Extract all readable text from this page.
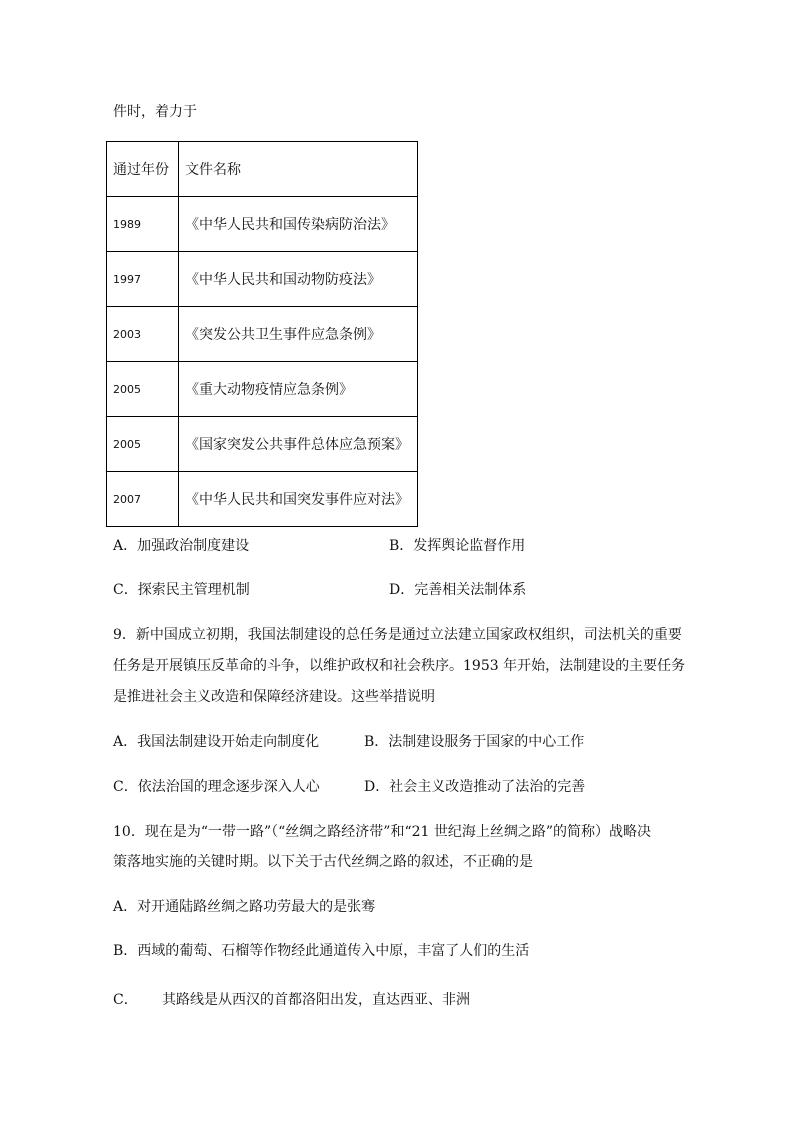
件时，着力于
通过年份	文件名称
1989	《中华人民共和国传染病防治法》
1997	《中华人民共和国动物防疫法》
2003	《突发公共卫生事件应急条例》
2005	《重大动物疫情应急条例》
2005	《国家突发公共事件总体应急预案》
2007	《中华人民共和国突发事件应对法》
A．加强政治制度建设	B．发挥舆论监督作用
C．探索民主管理机制	D．完善相关法制体系
9．新中国成立初期，我国法制建设的总任务是通过立法建立国家政权组织，司法机关的重要
任务是开展镇压反革命的斗争，以维护政权和社会秩序。1953 年开始，法制建设的主要任务
是推进社会主义改造和保障经济建设。这些举措说明
A．我国法制建设开始走向制度化	B．法制建设服务于国家的中心工作
C．依法治国的理念逐步深入人心	D．社会主义改造推动了法治的完善
10．现在是为“一带一路”（“丝绸之路经济带”和“21 世纪海上丝绸之路”的简称）战略决
策落地实施的关键时期。以下关于古代丝绸之路的叙述，不正确的是
A．对开通陆路丝绸之路功劳最大的是张骞
B．西域的葡萄、石榴等作物经此通道传入中原，丰富了人们的生活
C． 其路线是从西汉的首都洛阳出发，直达西亚、非洲
